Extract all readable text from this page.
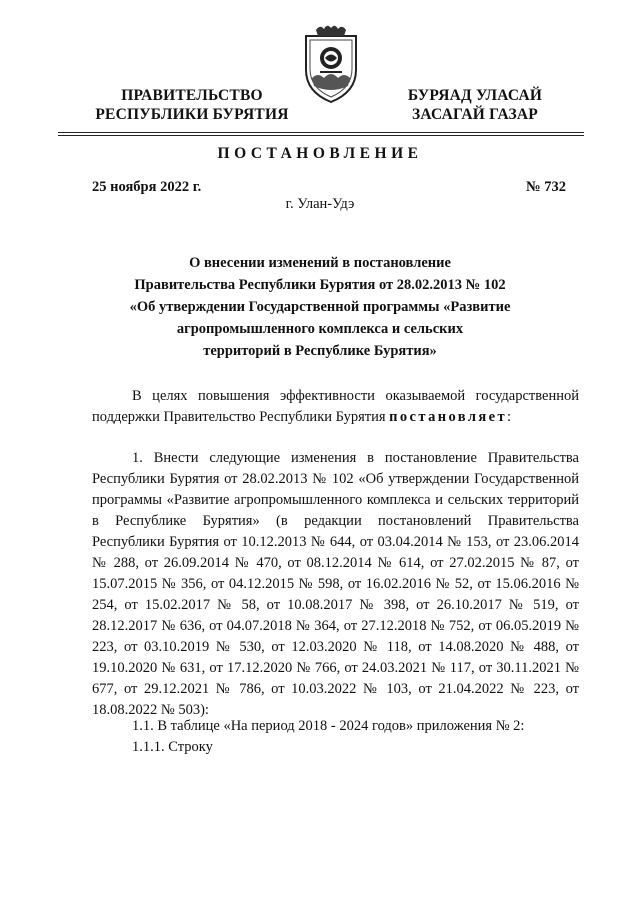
ПРАВИТЕЛЬСТВО
РЕСПУБЛИКИ БУРЯТИЯ
БУРЯАД УЛАСАЙ
ЗАСАГАЙ ГАЗАР
ПОСТАНОВЛЕНИЕ
25 ноября 2022 г.	№ 732
г. Улан-Удэ
О внесении изменений в постановление
Правительства Республики Бурятия от 28.02.2013 № 102
«Об утверждении Государственной программы «Развитие
агропромышленного комплекса и сельских
территорий в Республике Бурятия»
В целях повышения эффективности оказываемой государственной поддержки Правительство Республики Бурятия постановляет:
1. Внести следующие изменения в постановление Правительства Республики Бурятия от 28.02.2013 № 102 «Об утверждении Государственной программы «Развитие агропромышленного комплекса и сельских территорий в Республике Бурятия» (в редакции постановлений Правительства Республики Бурятия от 10.12.2013 № 644, от 03.04.2014 № 153, от 23.06.2014 № 288, от 26.09.2014 № 470, от 08.12.2014 № 614, от 27.02.2015 № 87, от 15.07.2015 № 356, от 04.12.2015 № 598, от 16.02.2016 № 52, от 15.06.2016 № 254, от 15.02.2017 № 58, от 10.08.2017 № 398, от 26.10.2017 № 519, от 28.12.2017 № 636, от 04.07.2018 № 364, от 27.12.2018 № 752, от 06.05.2019 № 223, от 03.10.2019 № 530, от 12.03.2020 № 118, от 14.08.2020 № 488, от 19.10.2020 № 631, от 17.12.2020 № 766, от 24.03.2021 № 117, от 30.11.2021 № 677, от 29.12.2021 № 786, от 10.03.2022 № 103, от 21.04.2022 № 223, от 18.08.2022 № 503):
1.1. В таблице «На период 2018 - 2024 годов» приложения № 2:
1.1.1. Строку
